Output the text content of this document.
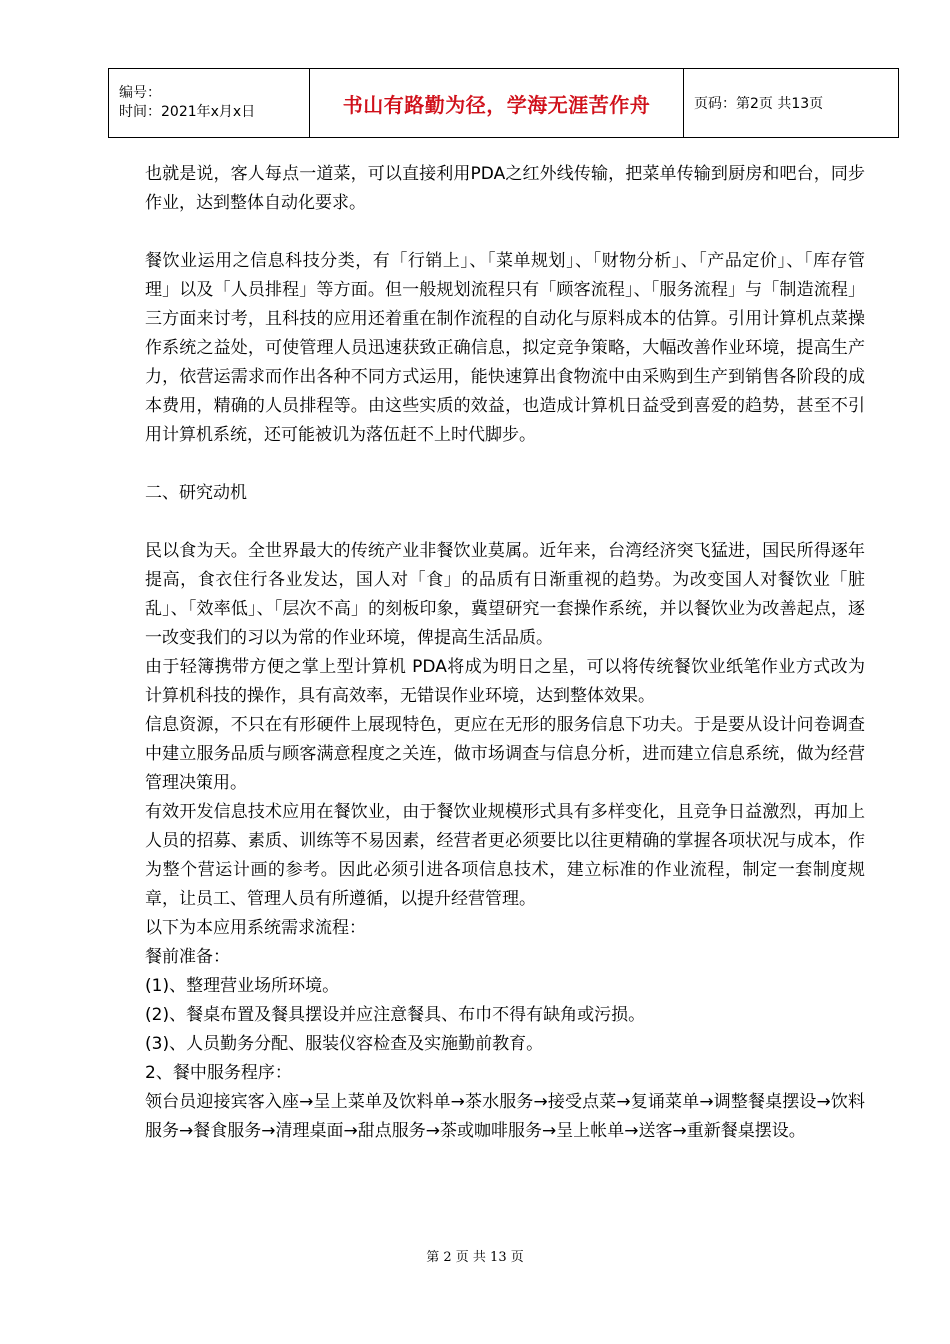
编号：
时间：2021年x月x日	书山有路勤为径，学海无涯苦作舟	页码：第2页 共13页

也就是说，客人每点一道菜，可以直接利用PDA之红外线传输，把菜单传输到厨房和吧台，同步作业，达到整体自动化要求。

餐饮业运用之信息科技分类，有「行销上」、「菜单规划」、「财物分析」、「产品定价」、「库存管理」以及「人员排程」等方面。但一般规划流程只有「顾客流程」、「服务流程」与「制造流程」三方面来讨考，且科技的应用还着重在制作流程的自动化与原料成本的估算。引用计算机点菜操作系统之益处，可使管理人员迅速获致正确信息，拟定竞争策略，大幅改善作业环境，提高生产力，依营运需求而作出各种不同方式运用，能快速算出食物流中由采购到生产到销售各阶段的成本费用，精确的人员排程等。由这些实质的效益，也造成计算机日益受到喜爱的趋势，甚至不引用计算机系统，还可能被讥为落伍赶不上时代脚步。

二、研究动机

民以食为天。全世界最大的传统产业非餐饮业莫属。近年来，台湾经济突飞猛进，国民所得逐年提高，食衣住行各业发达，国人对「食」的品质有日渐重视的趋势。为改变国人对餐饮业「脏乱」、「效率低」、「层次不高」的刻板印象，冀望研究一套操作系统，并以餐饮业为改善起点，逐一改变我们的习以为常的作业环境，俾提高生活品质。

由于轻簿携带方便之掌上型计算机 PDA将成为明日之星，可以将传统餐饮业纸笔作业方式改为计算机科技的操作，具有高效率，无错误作业环境，达到整体效果。

信息资源，不只在有形硬件上展现特色，更应在无形的服务信息下功夫。于是要从设计问卷调查中建立服务品质与顾客满意程度之关连，做市场调查与信息分析，进而建立信息系统，做为经营管理决策用。

有效开发信息技术应用在餐饮业，由于餐饮业规模形式具有多样变化，且竞争日益激烈，再加上人员的招募、素质、训练等不易因素，经营者更必须要比以往更精确的掌握各项状况与成本，作为整个营运计画的参考。因此必须引进各项信息技术，建立标准的作业流程，制定一套制度规章，让员工、管理人员有所遵循，以提升经营管理。

以下为本应用系统需求流程：

餐前准备：

(1)、整理营业场所环境。

(2)、餐桌布置及餐具摆设并应注意餐具、布巾不得有缺角或污损。

(3)、人员勤务分配、服装仪容检查及实施勤前教育。

2、餐中服务程序：

领台员迎接宾客入座→呈上菜单及饮料单→茶水服务→接受点菜→复诵菜单→调整餐桌摆设→饮料服务→餐食服务→清理桌面→甜点服务→茶或咖啡服务→呈上帐单→送客→重新餐桌摆设。

第 2 页 共 13 页
